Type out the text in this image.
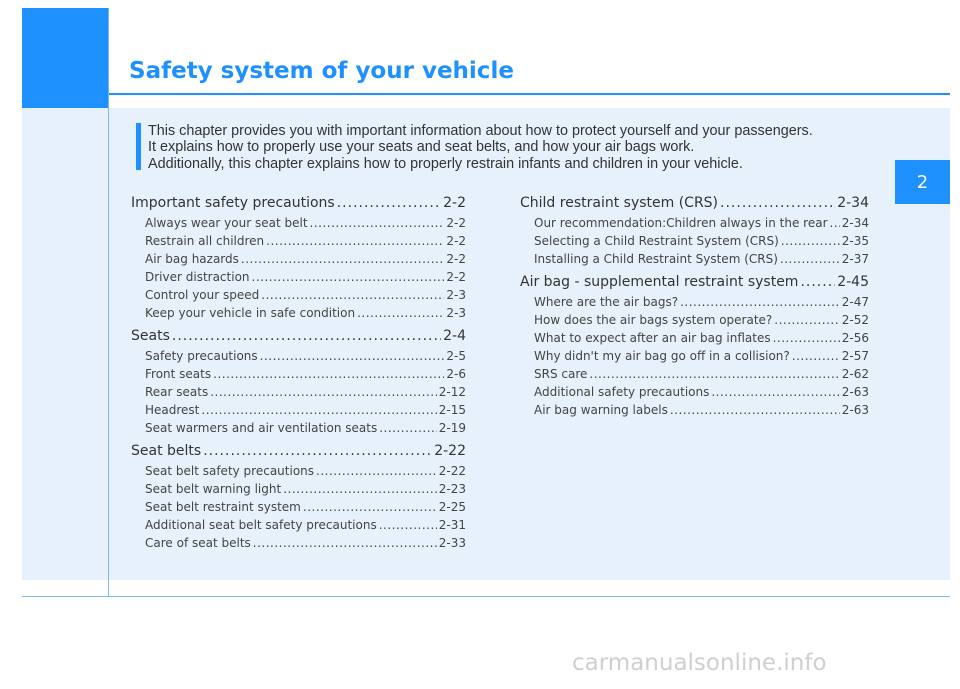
Safety system of your vehicle
2

This chapter provides you with important information about how to protect yourself and your passengers.

It explains how to properly use your seats and seat belts, and how your air bags work.

Additionally, this chapter explains how to properly restrain infants and children in your vehicle.

Important safety precautions .....	2-2
Always wear your seat belt .....	2-2
Restrain all children .....	2-2
Air bag hazards .....	2-2
Driver distraction .....	2-2
Control your speed .....	2-3
Keep your vehicle in safe condition .....	2-3
Seats .....	2-4
Safety precautions .....	2-5
Front seats .....	2-6
Rear seats .....	2-12
Headrest .....	2-15
Seat warmers and air ventilation seats .....	2-19
Seat belts .....	2-22
Seat belt safety precautions .....	2-22
Seat belt warning light .....	2-23
Seat belt restraint system .....	2-25
Additional seat belt safety precautions .....	2-31
Care of seat belts .....	2-33
Child restraint system (CRS) .....	2-34
Our recommendation:Children always in the rear ..... 2-34
Selecting a Child Restraint System (CRS) .....	2-35
Installing a Child Restraint System (CRS) .....	2-37
Air bag - supplemental restraint system .....	2-45
Where are the air bags? .....	2-47
How does the air bags system operate? .....	2-52
What to expect after an air bag inflates .....	2-56
Why didn't my air bag go off in a collision? .....	2-57
SRS care .....	2-62
Additional safety precautions .....	2-63
Air bag warning labels .....	2-63
carmanualsonline.info
